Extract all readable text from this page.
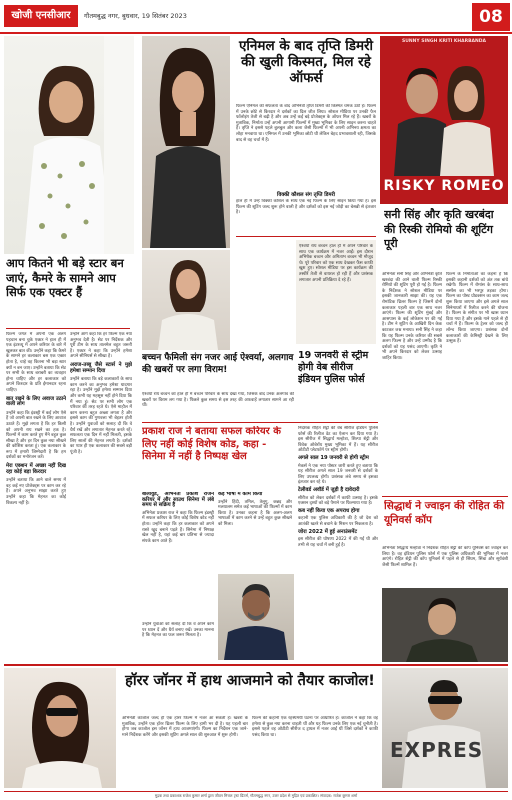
खोजी एनसीआर	गौतमबुद्ध नगर, बुधवार, 19 सितंबर 2023	08
आप कितने भी बड़े स्टार बन जाएं, कैमरे के सामने आप सिर्फ एक एक्टर हैं
फिल्म जगत में अपनी एक अलग पहचान बना चुके एक्टर ने हाल ही में एक इंटरव्यू में अपने करियर के बारे में खुलकर बात की। उन्होंने कहा कि कैमरे के सामने हर कलाकार बस एक एक्टर होता है, चाहे वह कितना भी बड़ा स्टार क्यों न बन जाए। उन्होंने बताया कि सेट पर सभी के साथ बराबरी का व्यवहार होना चाहिए और हर कलाकार को अपने किरदार के प्रति ईमानदार रहना चाहिए।
बात रखने के लिए अवाज उठाने वाली लोग
उन्होंने कहा कि इंडस्ट्री में कई लोग ऐसे हैं जो अपनी बात रखने के लिए आवाज उठाते हैं। मुझे लगता है कि हर किसी को अपनी राय रखने का हक है। फिल्मों में काम करते हुए मैंने बहुत कुछ सीखा है और हर दिन कुछ नया सीखने की कोशिश करता हूं। एक कलाकार के रूप में हमारी जिम्मेदारी है कि हम दर्शकों का मनोरंजन करें।
मेरा एक्शन में अच्छा नहीं दिख रहा कोई बड़ा किरदार
उन्होंने बताया कि आने वाले समय में वह कई नए प्रोजेक्ट्स पर काम कर रहे हैं। अपने अनुभव साझा करते हुए उन्होंने कहा कि मेहनत का कोई विकल्प नहीं है।
उन्होंने आगे कहा कि हर फिल्म एक नया अनुभव देती है। सेट पर निर्देशक और पूरी टीम के साथ तालमेल बहुत जरूरी है। एक्टर ने कहा कि उन्होंने हमेशा अपने सीनियर्स से सीखा है।
अराज-तब्बू जैसे स्टार्स ने मुझे हमेशा सम्मान दिया
उन्होंने बताया कि बड़े कलाकारों के साथ काम करने का अनुभव हमेशा यादगार रहा है। उन्होंने मुझे हमेशा सम्मान दिया और कभी यह महसूस नहीं होने दिया कि मैं नया हूं। सेट पर सभी लोग एक परिवार की तरह रहते थे। ऐसे माहौल में काम करना बहुत अच्छा लगता है और इससे काम की गुणवत्ता भी बेहतर होती है। उन्होंने युवाओं को सलाह दी कि वे धैर्य रखें और लगातार मेहनत करते रहें। सफलता एक दिन में नहीं मिलती, इसके लिए सालों की मेहनत लगती है। दर्शकों का प्यार ही एक कलाकार की सबसे बड़ी पूंजी है।
एनिमल के बाद तृप्ति डिमरी की खुली किस्मत, मिल रहे ऑफर्स
फिल्म एनिमल की सफलता के बाद अभिनेत्री तृप्ति डिमरी की किस्मत चमक उठी है। फिल्म में उनके छोटे से किरदार ने दर्शकों का दिल जीत लिया। सोशल मीडिया पर उनकी फैन फॉलोइंग तेजी से बढ़ी है और अब उन्हें कई बड़े प्रोजेक्ट्स के ऑफर मिल रहे हैं। खबरों के मुताबिक, निर्माता उन्हें अपनी आगामी फिल्मों में मुख्य भूमिका के लिए साइन करना चाहते हैं। तृप्ति ने इससे पहले बुलबुल और कला जैसी फिल्मों में भी अपनी अभिनय क्षमता का लोहा मनवाया था। एनिमल में उनकी भूमिका छोटी थी लेकिन बेहद प्रभावशाली रही, जिसके बाद से वह चर्चा में हैं।
विक्की कौशल संग तृप्ति डिमरी
हाल ही में उन्हें विक्की कौशल के साथ एक नई फिल्म के लिए साइन किया गया है। इस फिल्म की शूटिंग जल्द शुरू होने वाली है और दर्शकों को इस नई जोड़ी का बेसब्री से इंतजार है।
SUNNY SINGH KRITI KHARBANDA
RISKY ROMEO
सनी सिंह और कृति खरबंदा की रिस्की रोमियो की शूटिंग पूरी
अभिनेता सनी सिंह और अभिनेत्री कृति खरबंदा की आने वाली फिल्म रिस्की रोमियो की शूटिंग पूरी हो गई है। फिल्म के निर्देशक ने सोशल मीडिया पर इसकी जानकारी साझा की। यह एक रोमांटिक थ्रिलर फिल्म है जिसमें दोनों कलाकार पहली बार एक साथ नजर आएंगे। फिल्म की शूटिंग मुंबई और आसपास के कई लोकेशन पर की गई है। टीम ने शूटिंग के आखिरी दिन केक काटकर जश्न मनाया। सनी सिंह ने कहा कि यह फिल्म उनके करियर की सबसे अलग फिल्म है और उन्हें उम्मीद है कि दर्शकों को यह पसंद आएगी। कृति ने भी अपने किरदार को लेकर उत्साह जाहिर किया।
फिल्म के निर्माताओं का कहना है कि इसकी कहानी दर्शकों को अंत तक बांधे रखेगी। फिल्म में रोमांस के साथ-साथ सस्पेंस का भी भरपूर तड़का होगा। फिल्म का पोस्ट प्रोडक्शन का काम जल्द शुरू किया जाएगा और इसे अगले साल सिनेमाघरों में रिलीज करने की योजना है। फिल्म के संगीत पर भी खास ध्यान दिया गया है और इसके गाने पहले से ही चर्चा में हैं। फिल्म के ट्रेलर को जल्द ही लॉन्च किया जाएगा। प्रशंसक दोनों कलाकारों की केमिस्ट्री देखने के लिए उत्सुक हैं।
ऐश्वर्या राय बच्चन हाल ही में अपने परिवार के साथ एक कार्यक्रम में नजर आईं। इस दौरान अभिषेक बच्चन और अमिताभ बच्चन भी मौजूद थे। पूरे परिवार को एक साथ देखकर फैंस काफी खुश हुए। सोशल मीडिया पर इस कार्यक्रम की तस्वीरें तेजी से वायरल हो रही हैं और प्रशंसक लगातार अपनी प्रतिक्रिया दे रहे हैं।
बच्चन फैमिली संग नजर आई ऐश्वर्या, अलगाव की खबरों पर लगा विराम!
ऐश्वर्या राय बच्चन को हाल ही में बच्चन परिवार के साथ देखा गया, जिसके बाद उनके अलगाव की खबरों पर विराम लग गया है। पिछले कुछ समय से इस तरह की अफवाहें लगातार सामने आ रही थीं।
प्रकाश राज ने बताया सफल करियर के लिए नहीं कोई विशेष कोड, कहा - सिनेमा में नहीं है निष्पक्ष खेल
बॉलीवुड, अभिनेता प्रकाश राजने करियर में और साउथ सिनेमा में लंबे समय से सक्रिय है
अभिनेता प्रकाश राज ने कहा कि फिल्म इंडस्ट्री में सफल करियर के लिए कोई विशेष कोड नहीं होता। उन्होंने कहा कि हर कलाकार को अपने रास्ते खुद बनाने पड़ते हैं। सिनेमा में निष्पक्ष खेल नहीं है, यहां कई बार प्रतिभा से ज्यादा संपर्क काम आते हैं।
कई भाषा में काम किया
उन्होंने हिंदी, तमिल, तेलुगु, कन्नड़ और मलयालम समेत कई भाषाओं की फिल्मों में काम किया है। उनका कहना है कि अलग-अलग भाषाओं में काम करने से उन्हें बहुत कुछ सीखने को मिला।
उन्होंने युवाओं को सलाह दी कि वे अपने काम पर ध्यान दें और धैर्य बनाए रखें। उनका मानना है कि मेहनत का फल जरूर मिलता है।
19 जनवरी से स्ट्रीम होगी वेब सीरीज इंडियन पुलिस फोर्स
निर्देशक रोहित शेट्टी की वेब सीरीज इंडियन पुलिस फोर्स की रिलीज डेट का ऐलान कर दिया गया है। इस सीरीज में सिद्धार्थ मल्होत्रा, शिल्पा शेट्टी और विवेक ओबेरॉय मुख्य भूमिका में हैं। यह सीरीज ओटीटी प्लेटफॉर्म पर स्ट्रीम होगी।
अगले साल 19 जनवरी से होगी स्ट्रीम
मेकर्स ने एक नया पोस्टर जारी करते हुए बताया कि यह सीरीज अगले साल 19 जनवरी से दर्शकों के लिए उपलब्ध होगी। प्रशंसक लंबे समय से इसका इंतजार कर रहे थे।
टेलीवर्ड अवॉर्ड में जुड़ी है दावेदारी
सीरीज को लेकर दर्शकों में काफी उत्साह है। इसके एक्शन दृश्यों को बड़े पैमाने पर फिल्माया गया है।
कब नहीं किया एक अपराध होगा
कहानी एक पुलिस अधिकारी की है जो देश को आतंकी खतरे से बचाने के मिशन पर निकलता है।
जोरा 2022 में हुई अनाउंसमेंट
इस सीरीज की घोषणा 2022 में की गई थी और तभी से यह चर्चा में बनी हुई है।
सिद्धार्थ ने ज्वाइन की रोहित की यूनिवर्स कॉप
अभिनेता सिद्धार्थ मल्होत्रा ने निर्देशक रोहित शेट्टी की कॉप यूनिवर्स को ज्वाइन कर लिया है। वह इंडियन पुलिस फोर्स में एक पुलिस अधिकारी की भूमिका में नजर आएंगे। रोहित शेट्टी की कॉप यूनिवर्स में पहले से ही सिंघम, सिंबा और सूर्यवंशी जैसी फिल्में शामिल हैं।
हॉरर जॉनर में हाथ आजमाने को तैयार काजोल!
अभिनेत्री काजोल जल्द ही एक हॉरर फिल्म में नजर आ सकती हैं। खबरों के मुताबिक, उन्होंने एक हॉरर थ्रिलर फिल्म के लिए हामी भर दी है। यह पहली बार होगा जब काजोल इस जॉनर में हाथ आजमाएंगी। फिल्म का निर्देशन एक जाने-माने निर्देशक करेंगे और इसकी शूटिंग अगले साल की शुरुआत में शुरू होगी।
फिल्म की कहानी एक रहस्यमयी घटना पर आधारित है। काजोल ने कहा कि वह हमेशा से कुछ नया करना चाहती थीं और यह फिल्म उनके लिए एक नई चुनौती है। इससे पहले वह ओटीटी सीरीज द ट्रायल में नजर आई थीं जिसे दर्शकों ने काफी पसंद किया था।
EXPRES
मुद्रक तथा प्रकाशक राजेश कुमार शर्मा द्वारा जीवन मित्तल ट्रस्ट प्रिंटर्स, गौतमबुद्ध नगर, उत्तर प्रदेश से मुद्रित एवं प्रकाशित। संपादक: राजेश कुमार शर्मा
